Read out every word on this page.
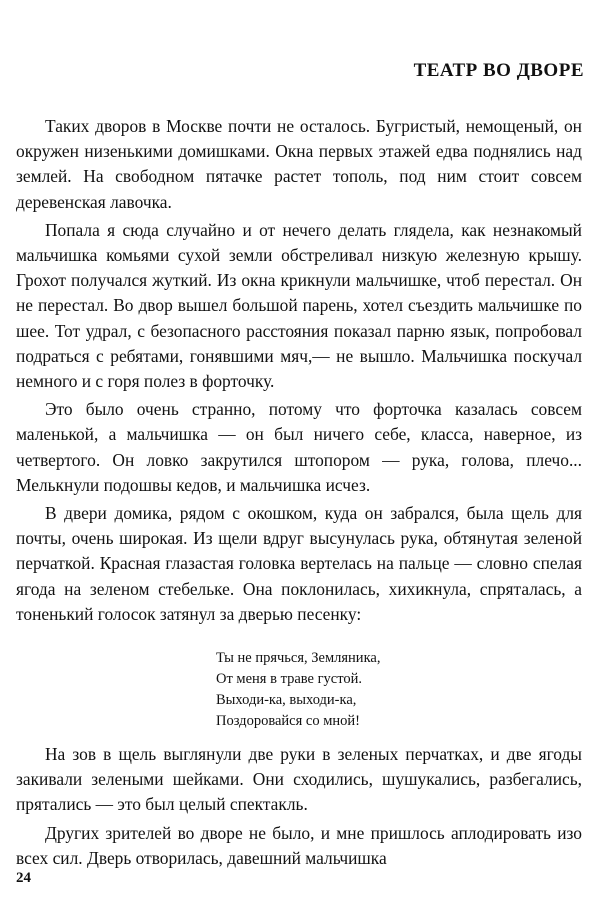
ТЕАТР ВО ДВОРЕ

Таких дворов в Москве почти не осталось. Бугристый, немощеный, он окружен низенькими домишками. Окна первых этажей едва поднялись над землей. На свободном пятачке растет тополь, под ним стоит совсем деревенская лавочка.

Попала я сюда случайно и от нечего делать глядела, как незнакомый мальчишка комьями сухой земли обстреливал низкую железную крышу. Грохот получался жуткий. Из окна крикнули мальчишке, чтоб перестал. Он не перестал. Во двор вышел большой парень, хотел съездить мальчишке по шее. Тот удрал, с безопасного расстояния показал парню язык, попробовал подраться с ребятами, гонявшими мяч,— не вышло. Мальчишка поскучал немного и с горя полез в форточку.

Это было очень странно, потому что форточка казалась совсем маленькой, а мальчишка — он был ничего себе, класса, наверное, из четвертого. Он ловко закрутился штопором — рука, голова, плечо... Мелькнули подошвы кедов, и мальчишка исчез.

В двери домика, рядом с окошком, куда он забрался, была щель для почты, очень широкая. Из щели вдруг высунулась рука, обтянутая зеленой перчаткой. Красная глазастая головка вертелась на пальце — словно спелая ягода на зеленом стебельке. Она поклонилась, хихикнула, спряталась, а тоненький голосок затянул за дверью песенку:

Ты не прячься, Земляника,
От меня в траве густой.
Выходи-ка, выходи-ка,
Поздоровайся со мной!

На зов в щель выглянули две руки в зеленых перчатках, и две ягоды закивали зелеными шейками. Они сходились, шушукались, разбегались, прятались — это был целый спектакль.

Других зрителей во дворе не было, и мне пришлось аплодировать изо всех сил. Дверь отворилась, давешний мальчишка

24
